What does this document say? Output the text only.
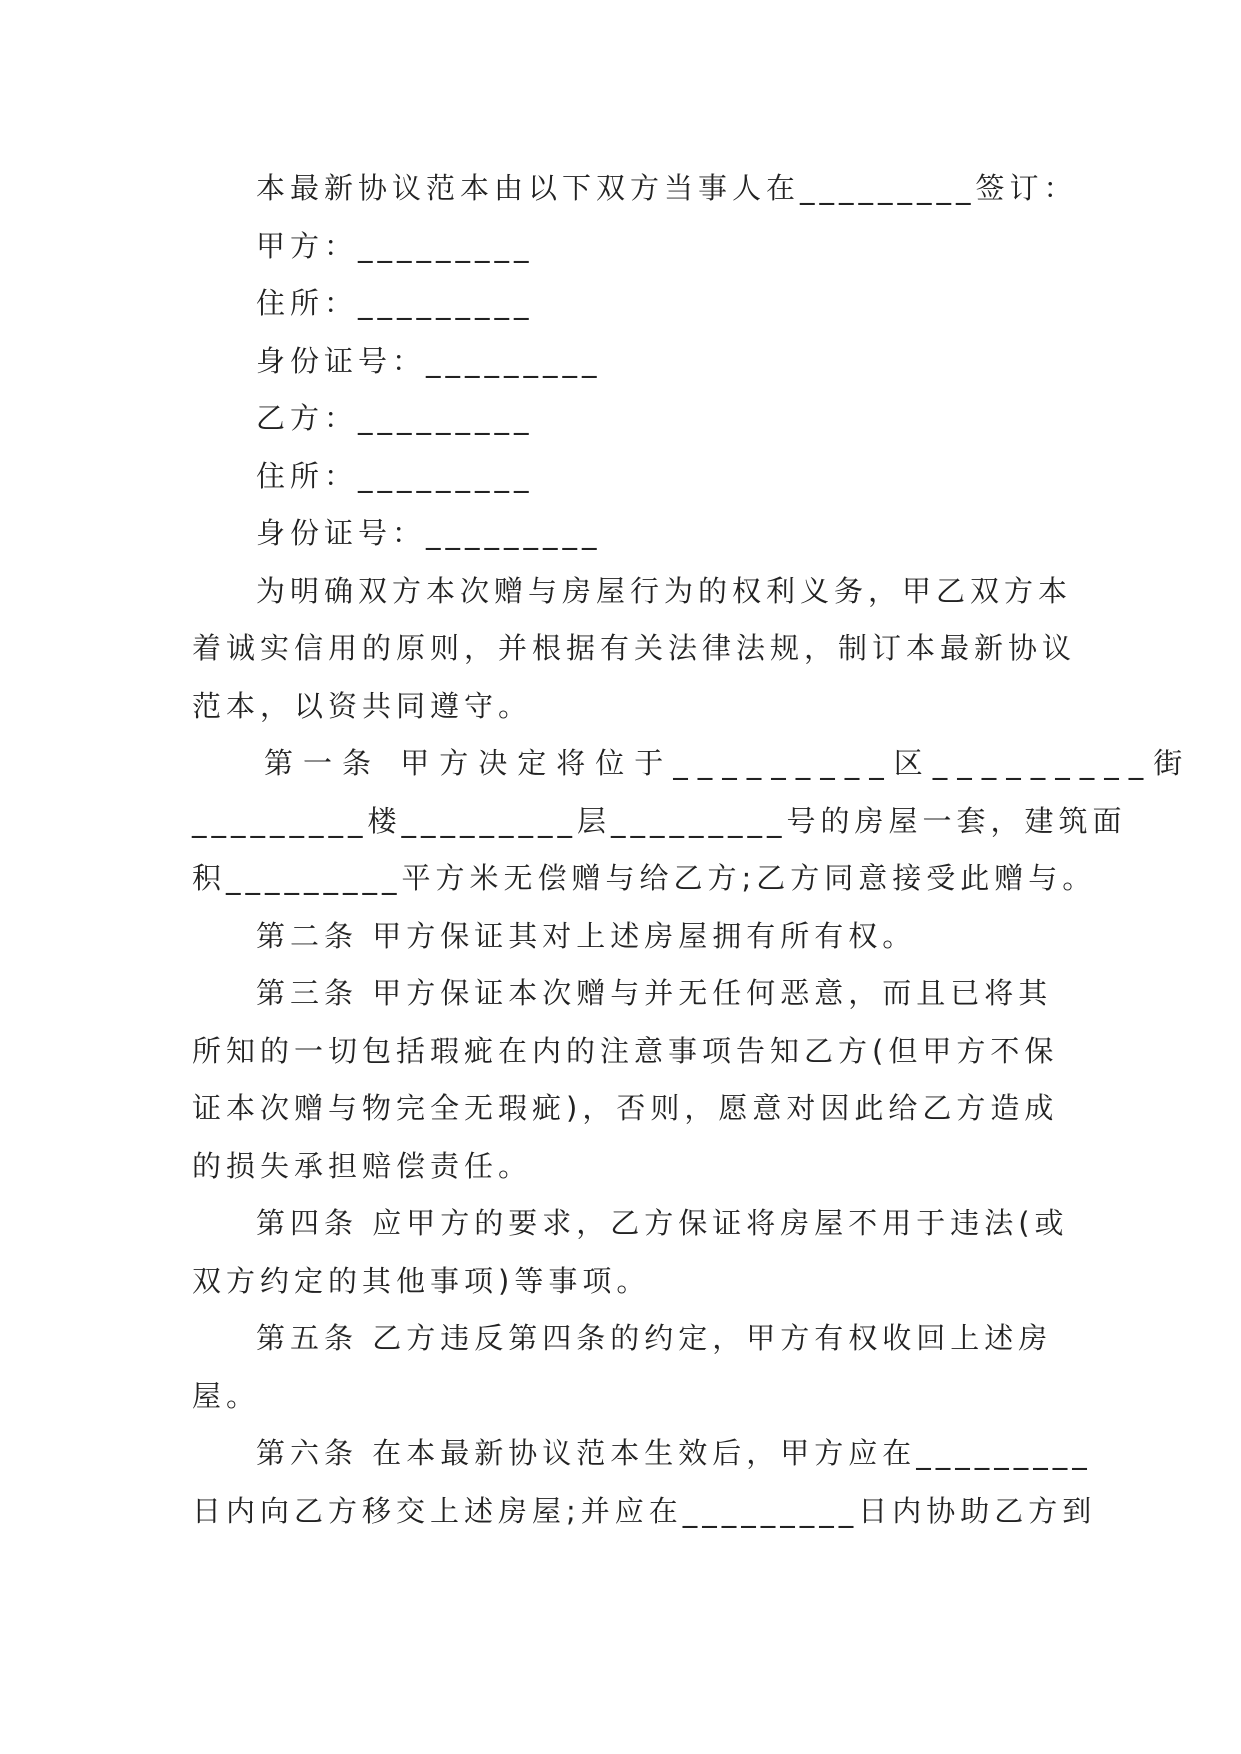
本最新协议范本由以下双方当事人在_________签订：
甲方：_________
住所：_________
身份证号：_________
乙方：_________
住所：_________
身份证号：_________
为明确双方本次赠与房屋行为的权利义务，甲乙双方本
着诚实信用的原则，并根据有关法律法规，制订本最新协议
范本，以资共同遵守。
第一条 甲方决定将位于_________区_________街
_________楼_________层_________号的房屋一套，建筑面
积_________平方米无偿赠与给乙方;乙方同意接受此赠与。
第二条 甲方保证其对上述房屋拥有所有权。
第三条 甲方保证本次赠与并无任何恶意，而且已将其
所知的一切包括瑕疵在内的注意事项告知乙方(但甲方不保
证本次赠与物完全无瑕疵)，否则，愿意对因此给乙方造成
的损失承担赔偿责任。
第四条 应甲方的要求，乙方保证将房屋不用于违法(或
双方约定的其他事项)等事项。
第五条 乙方违反第四条的约定，甲方有权收回上述房
屋。
第六条 在本最新协议范本生效后，甲方应在_________
日内向乙方移交上述房屋;并应在_________日内协助乙方到
